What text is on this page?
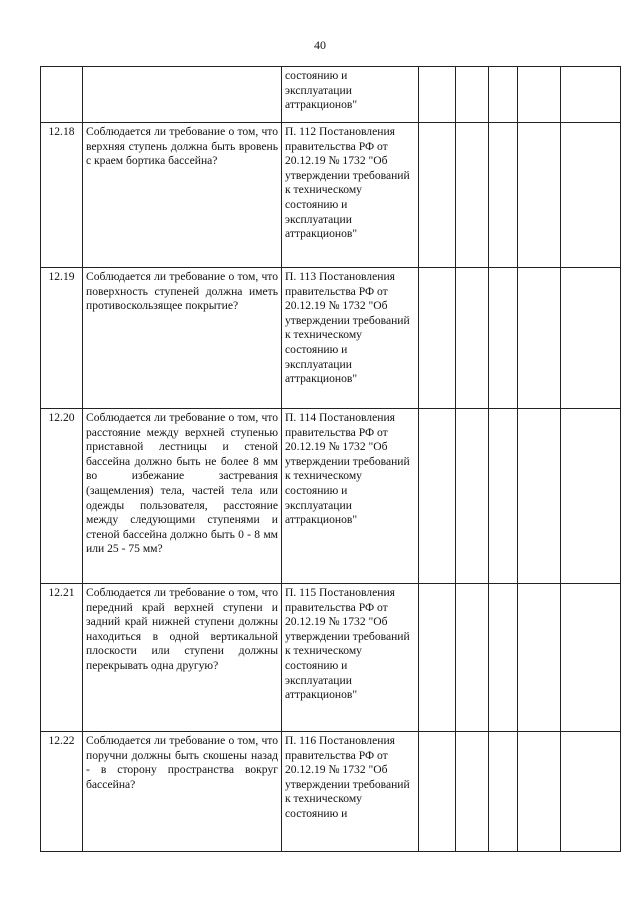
40
		состоянию и эксплуатации аттракционов"					
12.18	Соблюдается ли требование о том, что верхняя ступень должна быть вровень с краем бортика бассейна?	П. 112 Постановления правительства РФ от 20.12.19 № 1732 "Об утверждении требований к техническому состоянию и эксплуатации аттракционов"					
12.19	Соблюдается ли требование о том, что поверхность ступеней должна иметь противоскользящее покрытие?	П. 113 Постановления правительства РФ от 20.12.19 № 1732 "Об утверждении требований к техническому состоянию и эксплуатации аттракционов"					
12.20	Соблюдается ли требование о том, что расстояние между верхней ступенью приставной лестницы и стеной бассейна должно быть не более 8 мм во избежание застревания (защемления) тела, частей тела или одежды пользователя, расстояние между следующими ступенями и стеной бассейна должно быть 0 - 8 мм или 25 - 75 мм?	П. 114 Постановления правительства РФ от 20.12.19 № 1732 "Об утверждении требований к техническому состоянию и эксплуатации аттракционов"					
12.21	Соблюдается ли требование о том, что передний край верхней ступени и задний край нижней ступени должны находиться в одной вертикальной плоскости или ступени должны перекрывать одна другую?	П. 115 Постановления правительства РФ от 20.12.19 № 1732 "Об утверждении требований к техническому состоянию и эксплуатации аттракционов"					
12.22	Соблюдается ли требование о том, что поручни должны быть скошены назад - в сторону пространства вокруг бассейна?	П. 116 Постановления правительства РФ от 20.12.19 № 1732 "Об утверждении требований к техническому состоянию и					
